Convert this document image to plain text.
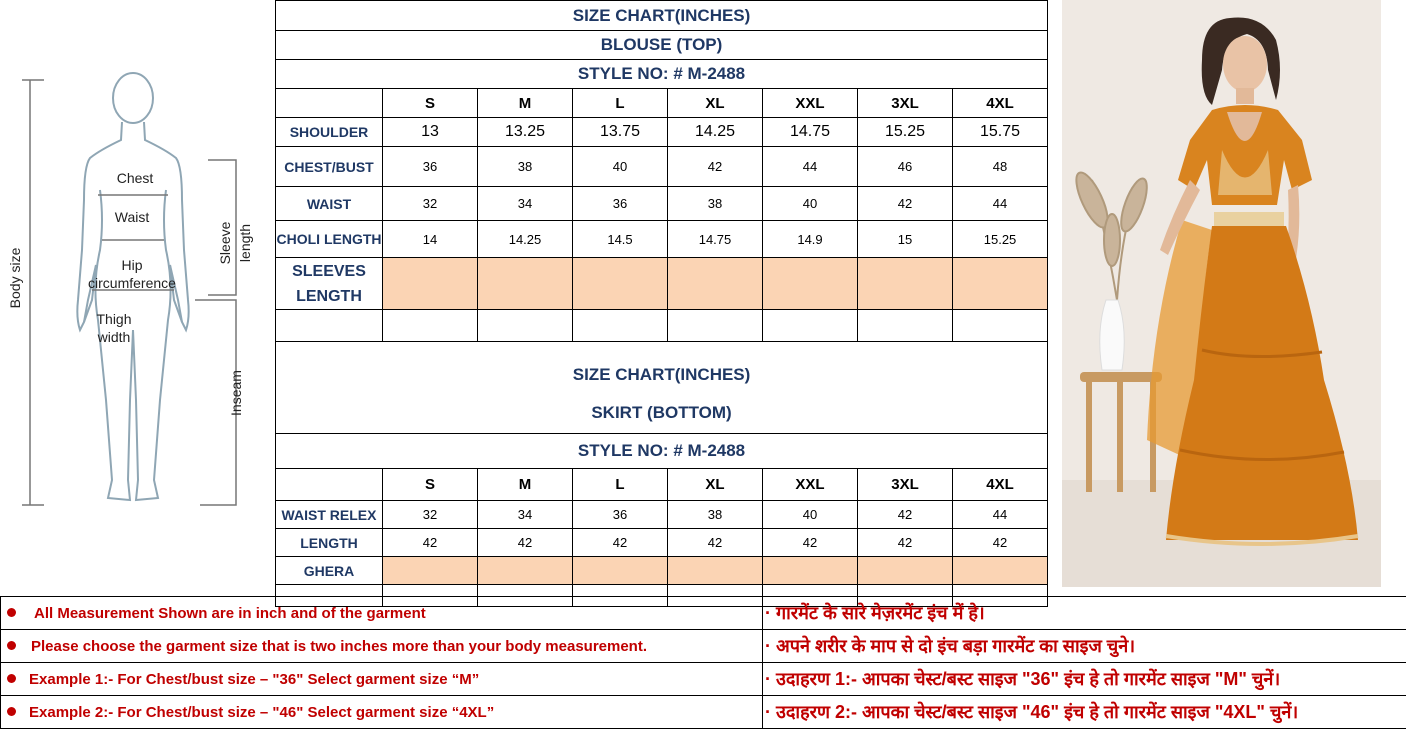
Chest
Waist
Hip
circumference
Thigh
width
Sleeve length
Body size
Inseam
SIZE CHART(INCHES)							
BLOUSE (TOP)							
STYLE NO: # M-2488							
	S	M	L	XL	XXL	3XL	4XL
SHOULDER	13	13.25	13.75	14.25	14.75	15.25	15.75
CHEST/BUST	36	38	40	42	44	46	48
WAIST	32	34	36	38	40	42	44
CHOLI LENGTH	14	14.25	14.5	14.75	14.9	15	15.25
SLEEVES
LENGTH							

SIZE CHART(INCHES)							
SKIRT (BOTTOM)							
STYLE NO: # M-2488							
	S	M	L	XL	XXL	3XL	4XL
WAIST RELEX	32	34	36	38	40	42	44
LENGTH	42	42	42	42	42	42	42
GHERA							

All Measurement Shown are in inch and of the garment	· गारमेंट के सारे मेज़रमेंट इंच में हे।
Please choose the garment size that is two inches more than your body measurement.	· अपने शरीर के माप से दो इंच बड़ा गारमेंट का साइज चुने।
Example 1:- For Chest/bust size – "36" Select garment size “M”	· उदाहरण 1:- आपका चेस्ट/बस्ट साइज "36" इंच हे तो गारमेंट साइज "M" चुनें।
Example 2:- For Chest/bust size – "46" Select garment size “4XL”	· उदाहरण 2:- आपका चेस्ट/बस्ट साइज "46" इंच हे तो गारमेंट साइज "4XL" चुनें।
